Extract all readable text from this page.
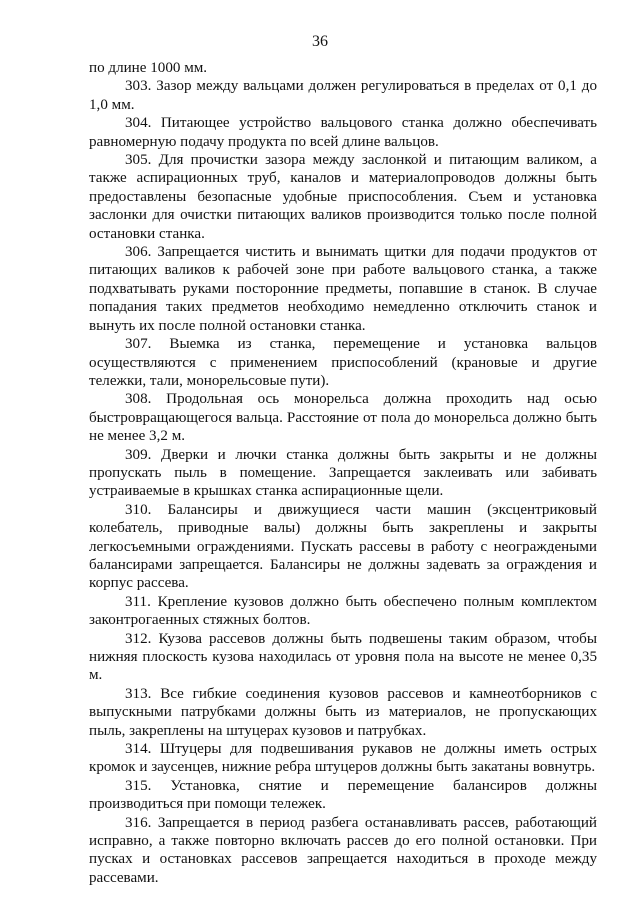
36

по длине 1000 мм.

303. Зазор между вальцами должен регулироваться в пределах от 0,1 до 1,0 мм.

304. Питающее устройство вальцового станка должно обеспечивать равномерную подачу продукта по всей длине вальцов.

305. Для прочистки зазора между заслонкой и питающим валиком, а также аспирационных труб, каналов и материалопроводов должны быть предоставлены безопасные удобные приспособления. Съем и установка заслонки для очистки питающих валиков производится только после полной остановки станка.

306. Запрещается чистить и вынимать щитки для подачи продуктов от питающих валиков к рабочей зоне при работе вальцового станка, а также подхватывать руками посторонние предметы, попавшие в станок. В случае попадания таких предметов необходимо немедленно отключить станок и вынуть их после полной остановки станка.

307. Выемка из станка, перемещение и установка вальцов осуществляются с применением приспособлений (крановые и другие тележки, тали, монорельсовые пути).

308. Продольная ось монорельса должна проходить над осью быстровращающегося вальца. Расстояние от пола до монорельса должно быть не менее 3,2 м.

309. Дверки и лючки станка должны быть закрыты и не должны пропускать пыль в помещение. Запрещается заклеивать или забивать устраиваемые в крышках станка аспирационные щели.

310. Балансиры и движущиеся части машин (эксцентриковый колебатель, приводные валы) должны быть закреплены и закрыты легкосъемными ограждениями. Пускать рассевы в работу с неограждеными балансирами запрещается. Балансиры не должны задевать за ограждения и корпус рассева.

311. Крепление кузовов должно быть обеспечено полным комплектом законтрогаенных стяжных болтов.

312. Кузова рассевов должны быть подвешены таким образом, чтобы нижняя плоскость кузова находилась от уровня пола на высоте не менее 0,35 м.

313. Все гибкие соединения кузовов рассевов и камнеотборников с выпускными патрубками должны быть из материалов, не пропускающих пыль, закреплены на штуцерах кузовов и патрубках.

314. Штуцеры для подвешивания рукавов не должны иметь острых кромок и заусенцев, нижние ребра штуцеров должны быть закатаны вовнутрь.

315. Установка, снятие и перемещение балансиров должны производиться при помощи тележек.

316. Запрещается в период разбега останавливать рассев, работающий исправно, а также повторно включать рассев до его полной остановки. При пусках и остановках рассевов запрещается находиться в проходе между рассевами.
